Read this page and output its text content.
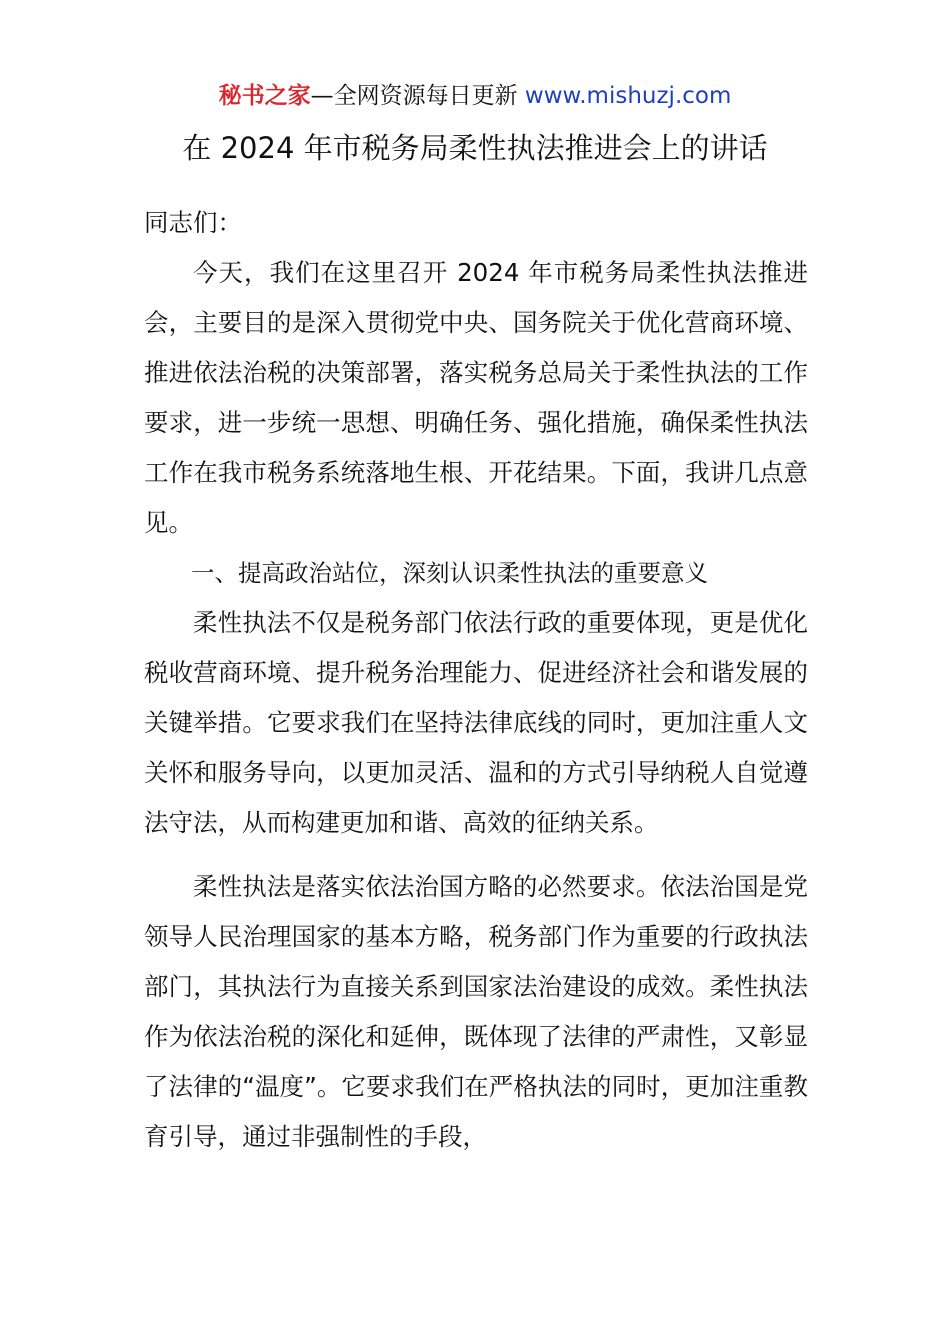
秘书之家—全网资源每日更新 www.mishuzj.com
在 2024 年市税务局柔性执法推进会上的讲话

同志们：

今天，我们在这里召开 2024 年市税务局柔性执法推进会，主要目的是深入贯彻党中央、国务院关于优化营商环境、推进依法治税的决策部署，落实税务总局关于柔性执法的工作要求，进一步统一思想、明确任务、强化措施，确保柔性执法工作在我市税务系统落地生根、开花结果。下面，我讲几点意见。

一、提高政治站位，深刻认识柔性执法的重要意义

柔性执法不仅是税务部门依法行政的重要体现，更是优化税收营商环境、提升税务治理能力、促进经济社会和谐发展的关键举措。它要求我们在坚持法律底线的同时，更加注重人文关怀和服务导向，以更加灵活、温和的方式引导纳税人自觉遵法守法，从而构建更加和谐、高效的征纳关系。

柔性执法是落实依法治国方略的必然要求。依法治国是党领导人民治理国家的基本方略，税务部门作为重要的行政执法部门，其执法行为直接关系到国家法治建设的成效。柔性执法作为依法治税的深化和延伸，既体现了法律的严肃性，又彰显了法律的“温度”。它要求我们在严格执法的同时，更加注重教育引导，通过非强制性的手段，
